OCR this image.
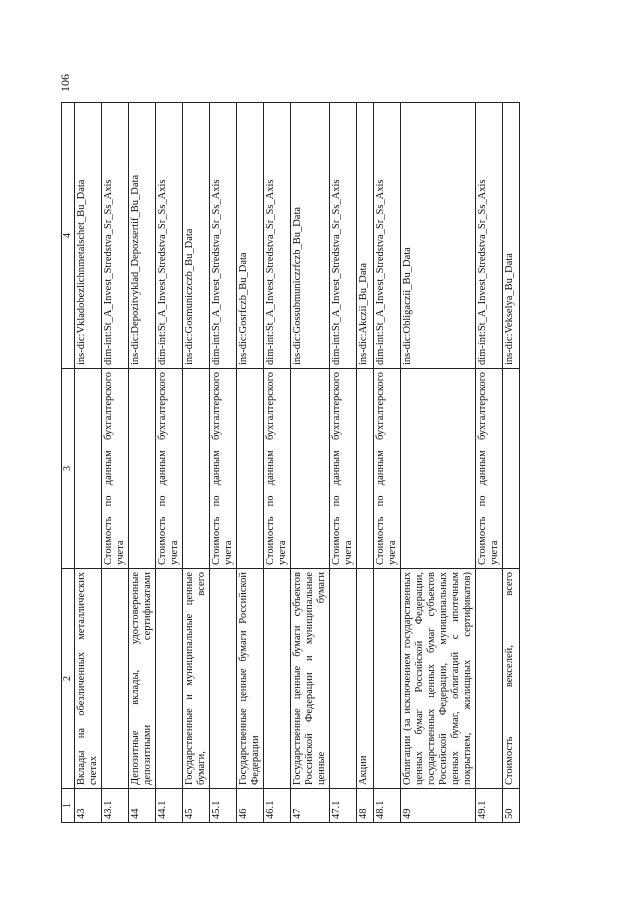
106
1	2	3	4
43	Вклады на обезличенных металлических счетах		ins-dic:Vkladobezlichnmetalschet_Bu_Data
43.1		Стоимость по данным бухгалтерского учета	dim-int:St_A_Invest_Stredstva_Sr_Ss_Axis
44	Депозитные вклады, удостоверенные депозитными сертификатами		ins-dic:Depozitvyklad_Depozsertif_Bu_Data
44.1		Стоимость по данным бухгалтерского учета	dim-int:St_A_Invest_Stredstva_Sr_Ss_Axis
45	Государственные и муниципальные ценные бумаги, всего		ins-dic:Gosmuniczczb_Bu_Data
45.1		Стоимость по данным бухгалтерского учета	dim-int:St_A_Invest_Stredstva_Sr_Ss_Axis
46	Государственные ценные бумаги Российской Федерации		ins-dic:Gosrfczb_Bu_Data
46.1		Стоимость по данным бухгалтерского учета	dim-int:St_A_Invest_Stredstva_Sr_Ss_Axis
47	Государственные ценные бумаги субъектов Российской Федерации и муниципальные ценные бумаги		ins-dic:Gossubmuniczrfczb_Bu_Data
47.1		Стоимость по данным бухгалтерского учета	dim-int:St_A_Invest_Stredstva_Sr_Ss_Axis
48	Акции		ins-dic:Akczii_Bu_Data
48.1		Стоимость по данным бухгалтерского учета	dim-int:St_A_Invest_Stredstva_Sr_Ss_Axis
49	Облигации (за исключением государственных ценных бумаг Российской Федерации, государственных ценных бумаг субъектов Российской Федерации, муниципальных ценных бумаг, облигаций с ипотечным покрытием, жилищных сертификатов)		ins-dic:Obligaczii_Bu_Data
49.1		Стоимость по данным бухгалтерского учета	dim-int:St_A_Invest_Stredstva_Sr_Ss_Axis
50	Стоимость векселей, всего		ins-dic:Vekselya_Bu_Data
